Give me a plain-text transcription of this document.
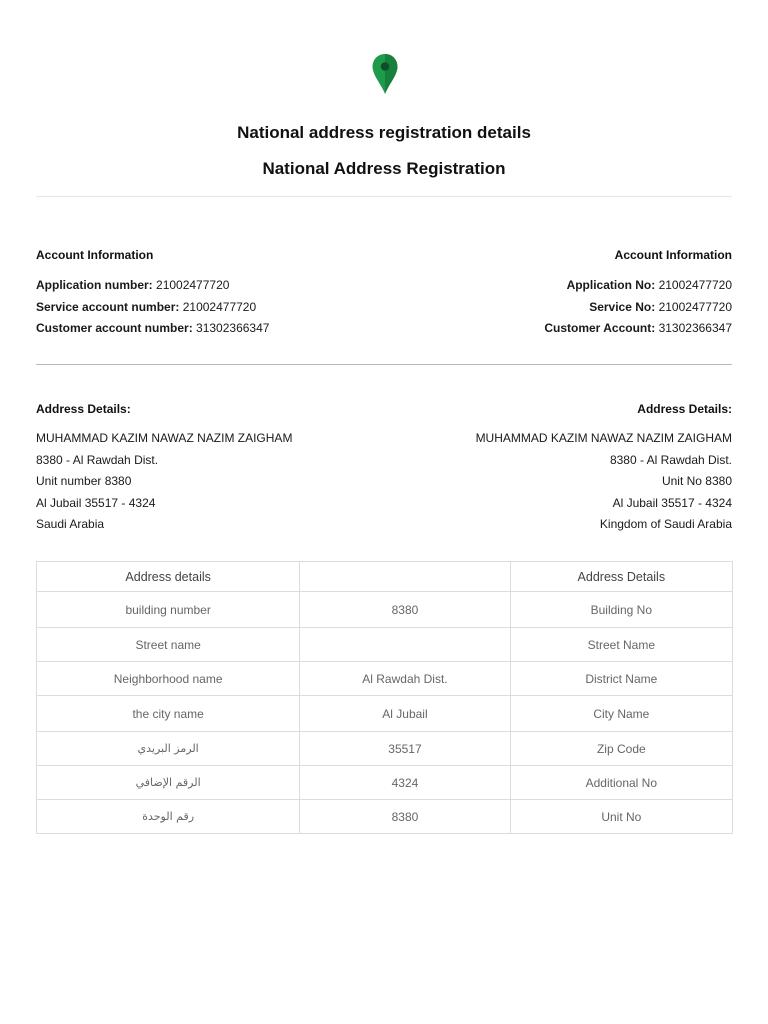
National address registration details
National Address Registration
Account Information	Account Information
Application number: 21002477720
Service account number: 21002477720
Customer account number: 31302366347
Application No: 21002477720
Service No: 21002477720
Customer Account: 31302366347
Address Details:	Address Details:
MUHAMMAD KAZIM NAWAZ NAZIM ZAIGHAM
8380 - Al Rawdah Dist.
Unit number 8380
Al Jubail 35517 - 4324
Saudi Arabia
MUHAMMAD KAZIM NAWAZ NAZIM ZAIGHAM
8380 - Al Rawdah Dist.
Unit No 8380
Al Jubail 35517 - 4324
Kingdom of Saudi Arabia
Address details		Address Details
building number	8380	Building No
Street name		Street Name
Neighborhood name	Al Rawdah Dist.	District Name
the city name	Al Jubail	City Name
الرمز البريدي	35517	Zip Code
الرقم الإضافي	4324	Additional No
رقم الوحدة	8380	Unit No
